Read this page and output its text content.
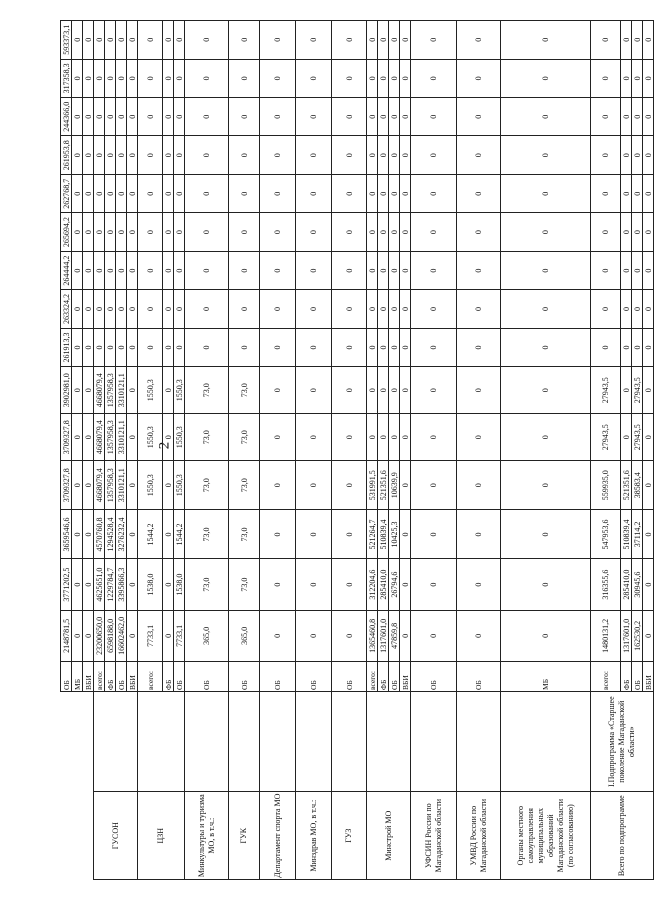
2
		ОБ	2148781,5	3771202,5	3659546,6	3709327,8	3709327,8	3902981,0	261913,3	263324,2	264444,2	265694,2	262768,7	261953,8	244366,0	317358,3	593373,1
		МБ	0	0	0	0	0	0	0	0	0	0	0	0	0	0	0
		ВБИ	0	0	0	0	0	0	0	0	0	0	0	0	0	0	0
ГУСОН		всего:	23200650,0	4625651,0	4570760,8	4668079,4	4668079,4	4668079,4	0	0	0	0	0	0	0	0	0
		ФБ	6598188,0	1229784,7	1294528,4	1357958,3	1357958,3	1357958,3	0	0	0	0	0	0	0	0	0
		ОБ	16602462,0	3395866,3	3276232,4	3310121,1	3310121,1	3310121,1	0	0	0	0	0	0	0	0	0
		ВБИ	0	0	0	0	0	0	0	0	0	0	0	0	0	0	0
ЦЗН		всего:	7733,1	1538,0	1544,2	1550,3	1550,3	1550,3	0	0	0	0	0	0	0	0	0
		ФБ	0	0	0	0	0	0	0	0	0	0	0	0	0	0	0
		ОБ	7733,1	1538,0	1544,2	1550,3	1550,3	1550,3	0	0	0	0	0	0	0	0	0
Минкультуры и туризма МО, в т.ч.:		ОБ	365,0	73,0	73,0	73,0	73,0	73,0	0	0	0	0	0	0	0	0	0
ГУК		ОБ	365,0	73,0	73,0	73,0	73,0	73,0	0	0	0	0	0	0	0	0	0
Департамент спорта МО		ОБ	0	0	0	0	0	0	0	0	0	0	0	0	0	0	0
Минздрав МО, в т.ч.:		ОБ	0	0	0	0	0	0	0	0	0	0	0	0	0	0	0
ГУЗ		ОБ	0	0	0	0	0	0	0	0	0	0	0	0	0	0	0
Минстрой МО		всего:	1365460,8	312204,6	521264,7	531991,5	0	0	0	0	0	0	0	0	0	0	0
		ФБ	1317601,0	285410,0	510839,4	521351,6	0	0	0	0	0	0	0	0	0	0	0
		ОБ	47859,8	26794,6	10425,3	10639,9	0	0	0	0	0	0	0	0	0	0	0
		ВБИ	0	0	0	0	0	0	0	0	0	0	0	0	0	0	0
УФСИН России по Магаданской области		ОБ	0	0	0	0	0	0	0	0	0	0	0	0	0	0	0
УМВД России по Магаданской области		ОБ	0	0	0	0	0	0	0	0	0	0	0	0	0	0	0
Органы местного самоуправления муниципальных образований Магаданской области (по согласованию)		МБ	0	0	0	0	0	0	0	0	0	0	0	0	0	0	0
Всего по подпрограмме	I.Подпрограмма «Старшее поколение Магаданской области»	всего:	1480131,2	316355,6	547953,6	559935,0	27943,5	27943,5	0	0	0	0	0	0	0	0	0
		ФБ	1317601,0	285410,0	510839,4	521351,6	0	0	0	0	0	0	0	0	0	0	0
		ОБ	162530,2	30945,6	37114,2	38583,4	27943,5	27943,5	0	0	0	0	0	0	0	0	0
		ВБИ	0	0	0	0	0	0	0	0	0	0	0	0	0	0	0
